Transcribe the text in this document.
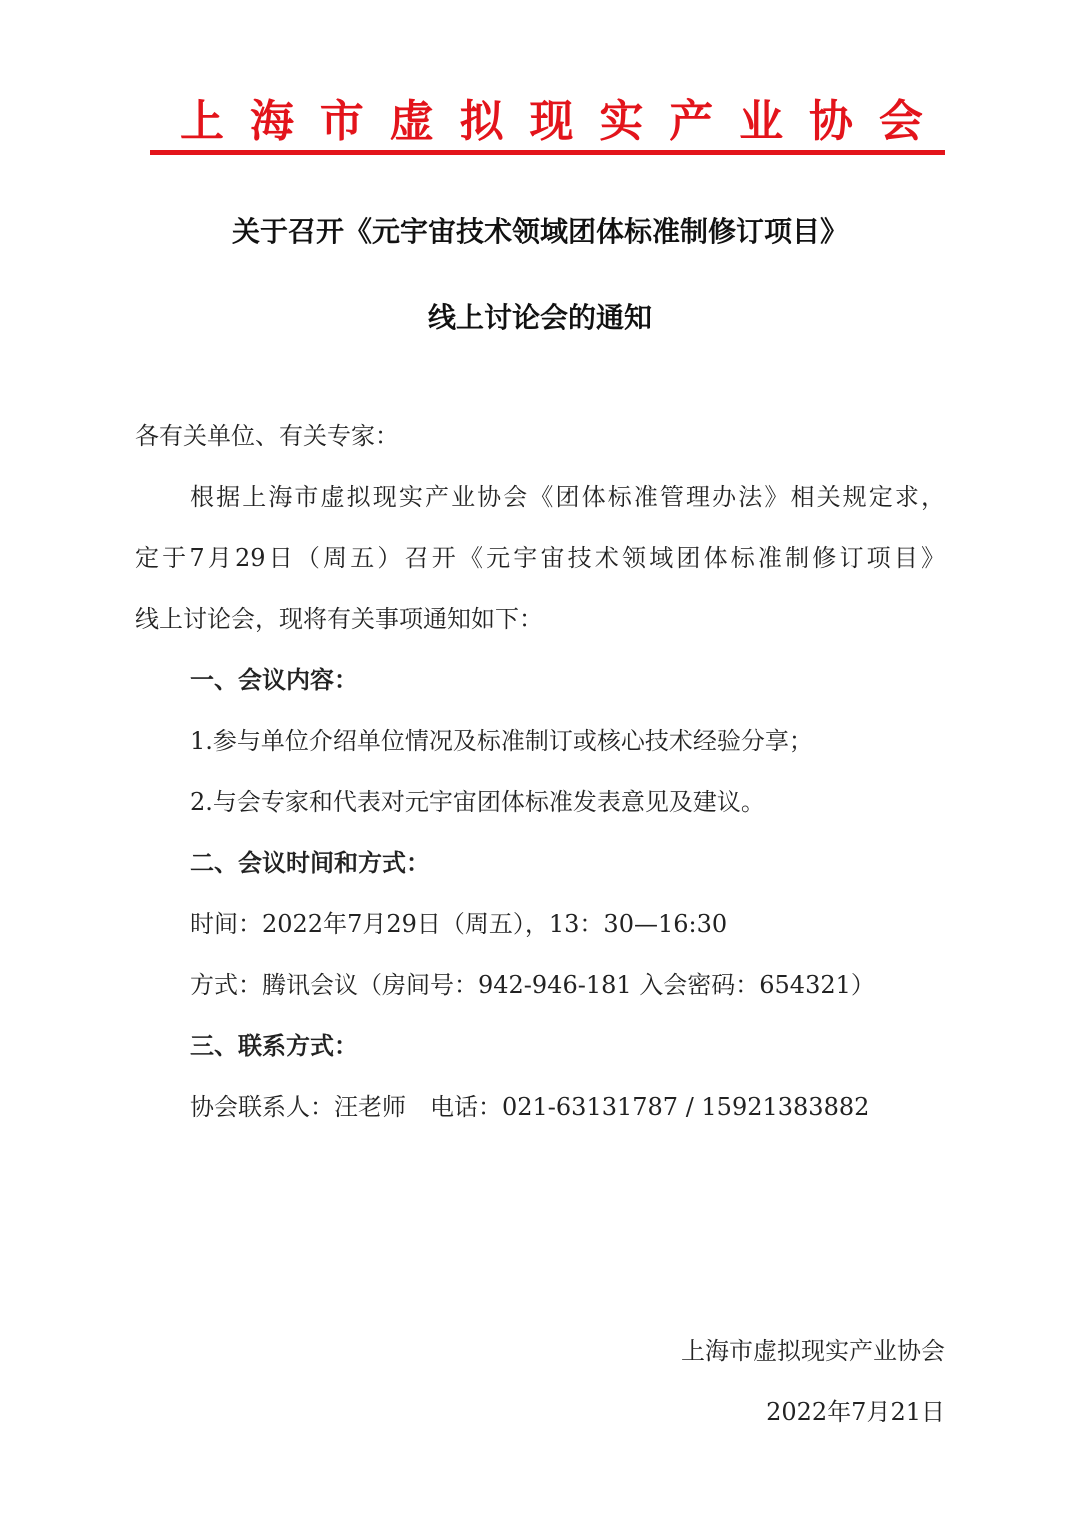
上 海 市 虚 拟 现 实 产 业 协 会
关于召开《元宇宙技术领域团体标准制修订项目》
线上讨论会的通知
各有关单位、有关专家：
根据上海市虚拟现实产业协会《团体标准管理办法》相关规定求，
定于7月29日（周五）召开《元宇宙技术领域团体标准制修订项目》
线上讨论会，现将有关事项通知如下：
一、会议内容：
1.参与单位介绍单位情况及标准制订或核心技术经验分享；
2.与会专家和代表对元宇宙团体标准发表意见及建议。
二、会议时间和方式：
时间：2022年7月29日（周五），13：30—16:30
方式：腾讯会议（房间号：942-946-181 入会密码：654321）
三、联系方式：
协会联系人：汪老师　电话：021-63131787 / 15921383882
上海市虚拟现实产业协会
2022年7月21日
